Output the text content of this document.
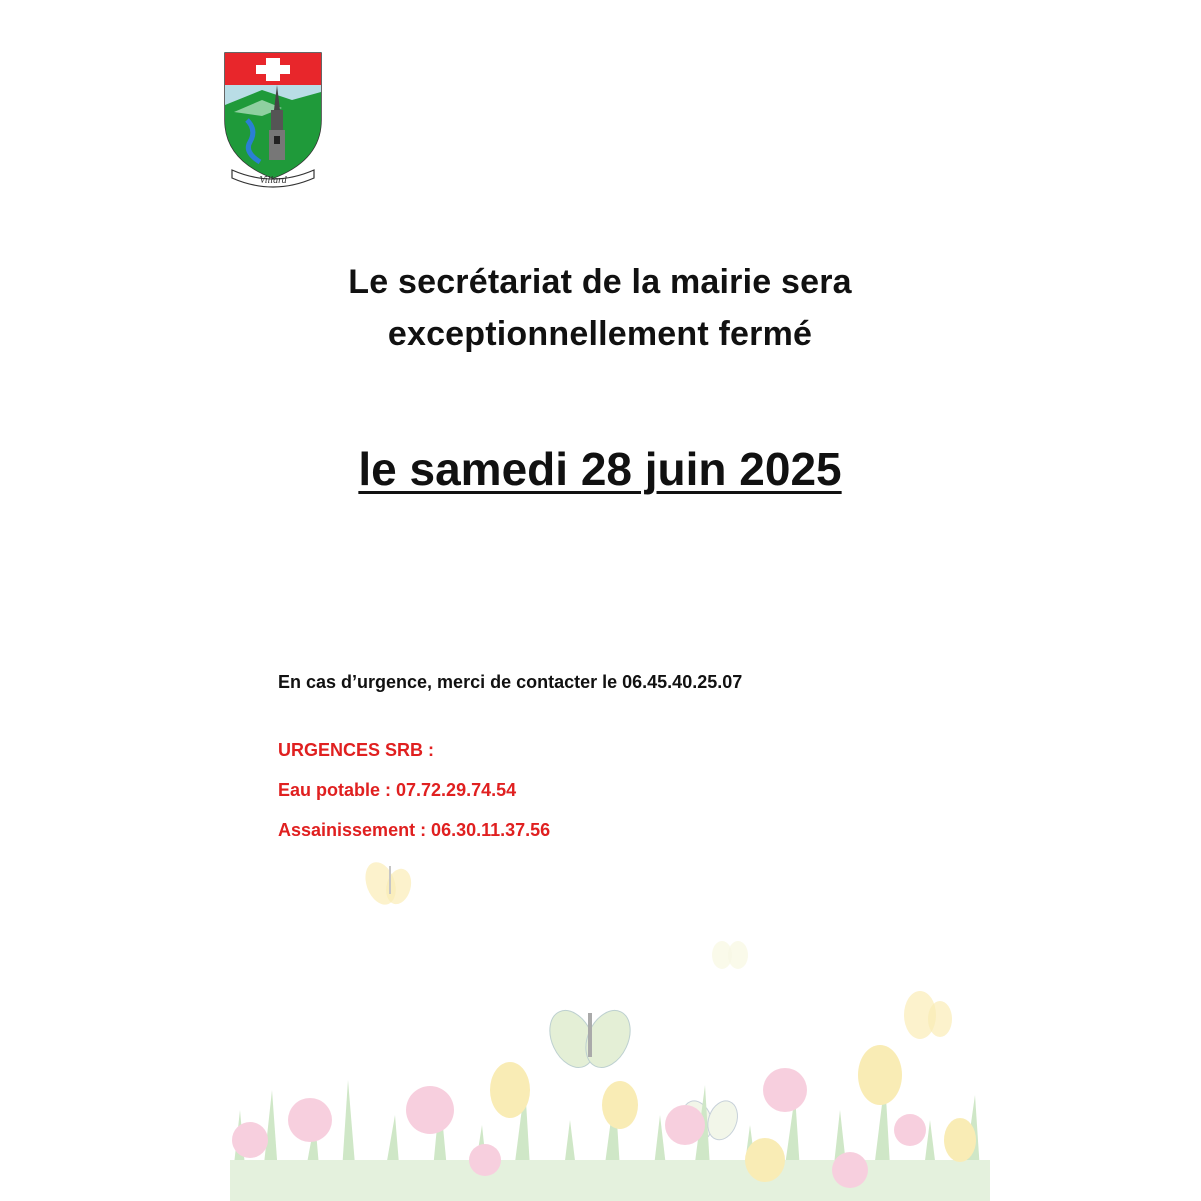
Villard
Le secrétariat de la mairie sera
exceptionnellement fermé
le samedi 28 juin 2025

En cas d’urgence, merci de contacter le 06.45.40.25.07

URGENCES SRB :

Eau potable : 07.72.29.74.54

Assainissement : 06.30.11.37.56
